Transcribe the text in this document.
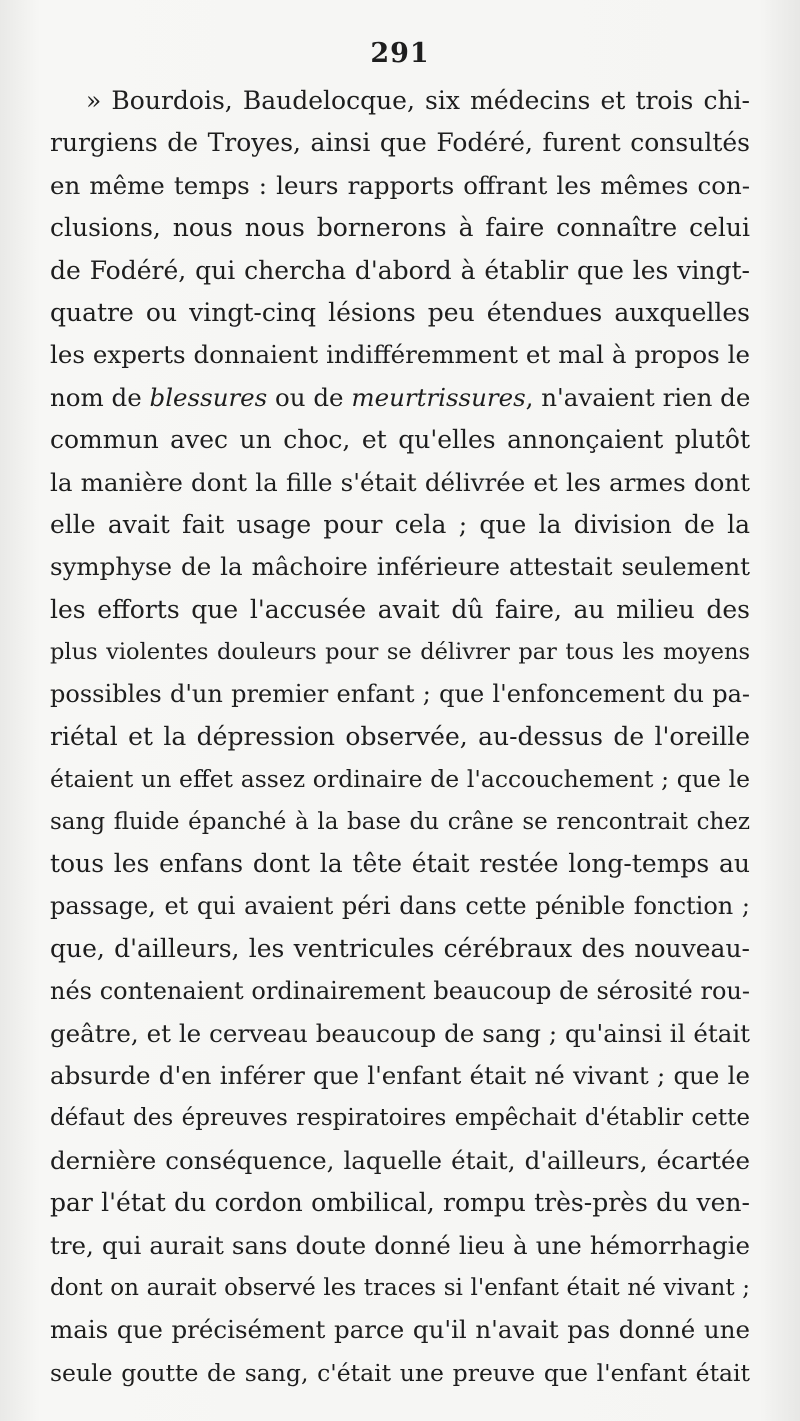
291
» Bourdois, Baudelocque, six médecins et trois chi-
rurgiens de Troyes, ainsi que Fodéré, furent consultés
en même temps : leurs rapports offrant les mêmes con-
clusions, nous nous bornerons à faire connaître celui
de Fodéré, qui chercha d'abord à établir que les vingt-
quatre ou vingt-cinq lésions peu étendues auxquelles
les experts donnaient indifféremment et mal à propos le
nom de blessures ou de meurtrissures, n'avaient rien de
commun avec un choc, et qu'elles annonçaient plutôt
la manière dont la fille s'était délivrée et les armes dont
elle avait fait usage pour cela ; que la division de la
symphyse de la mâchoire inférieure attestait seulement
les efforts que l'accusée avait dû faire, au milieu des
plus violentes douleurs pour se délivrer par tous les moyens
possibles d'un premier enfant ; que l'enfoncement du pa-
riétal et la dépression observée, au-dessus de l'oreille
étaient un effet assez ordinaire de l'accouchement ; que le
sang fluide épanché à la base du crâne se rencontrait chez
tous les enfans dont la tête était restée long-temps au
passage, et qui avaient péri dans cette pénible fonction ;
que, d'ailleurs, les ventricules cérébraux des nouveau-
nés contenaient ordinairement beaucoup de sérosité rou-
geâtre, et le cerveau beaucoup de sang ; qu'ainsi il était
absurde d'en inférer que l'enfant était né vivant ; que le
défaut des épreuves respiratoires empêchait d'établir cette
dernière conséquence, laquelle était, d'ailleurs, écartée
par l'état du cordon ombilical, rompu très-près du ven-
tre, qui aurait sans doute donné lieu à une hémorrhagie
dont on aurait observé les traces si l'enfant était né vivant ;
mais que précisément parce qu'il n'avait pas donné une
seule goutte de sang, c'était une preuve que l'enfant était
